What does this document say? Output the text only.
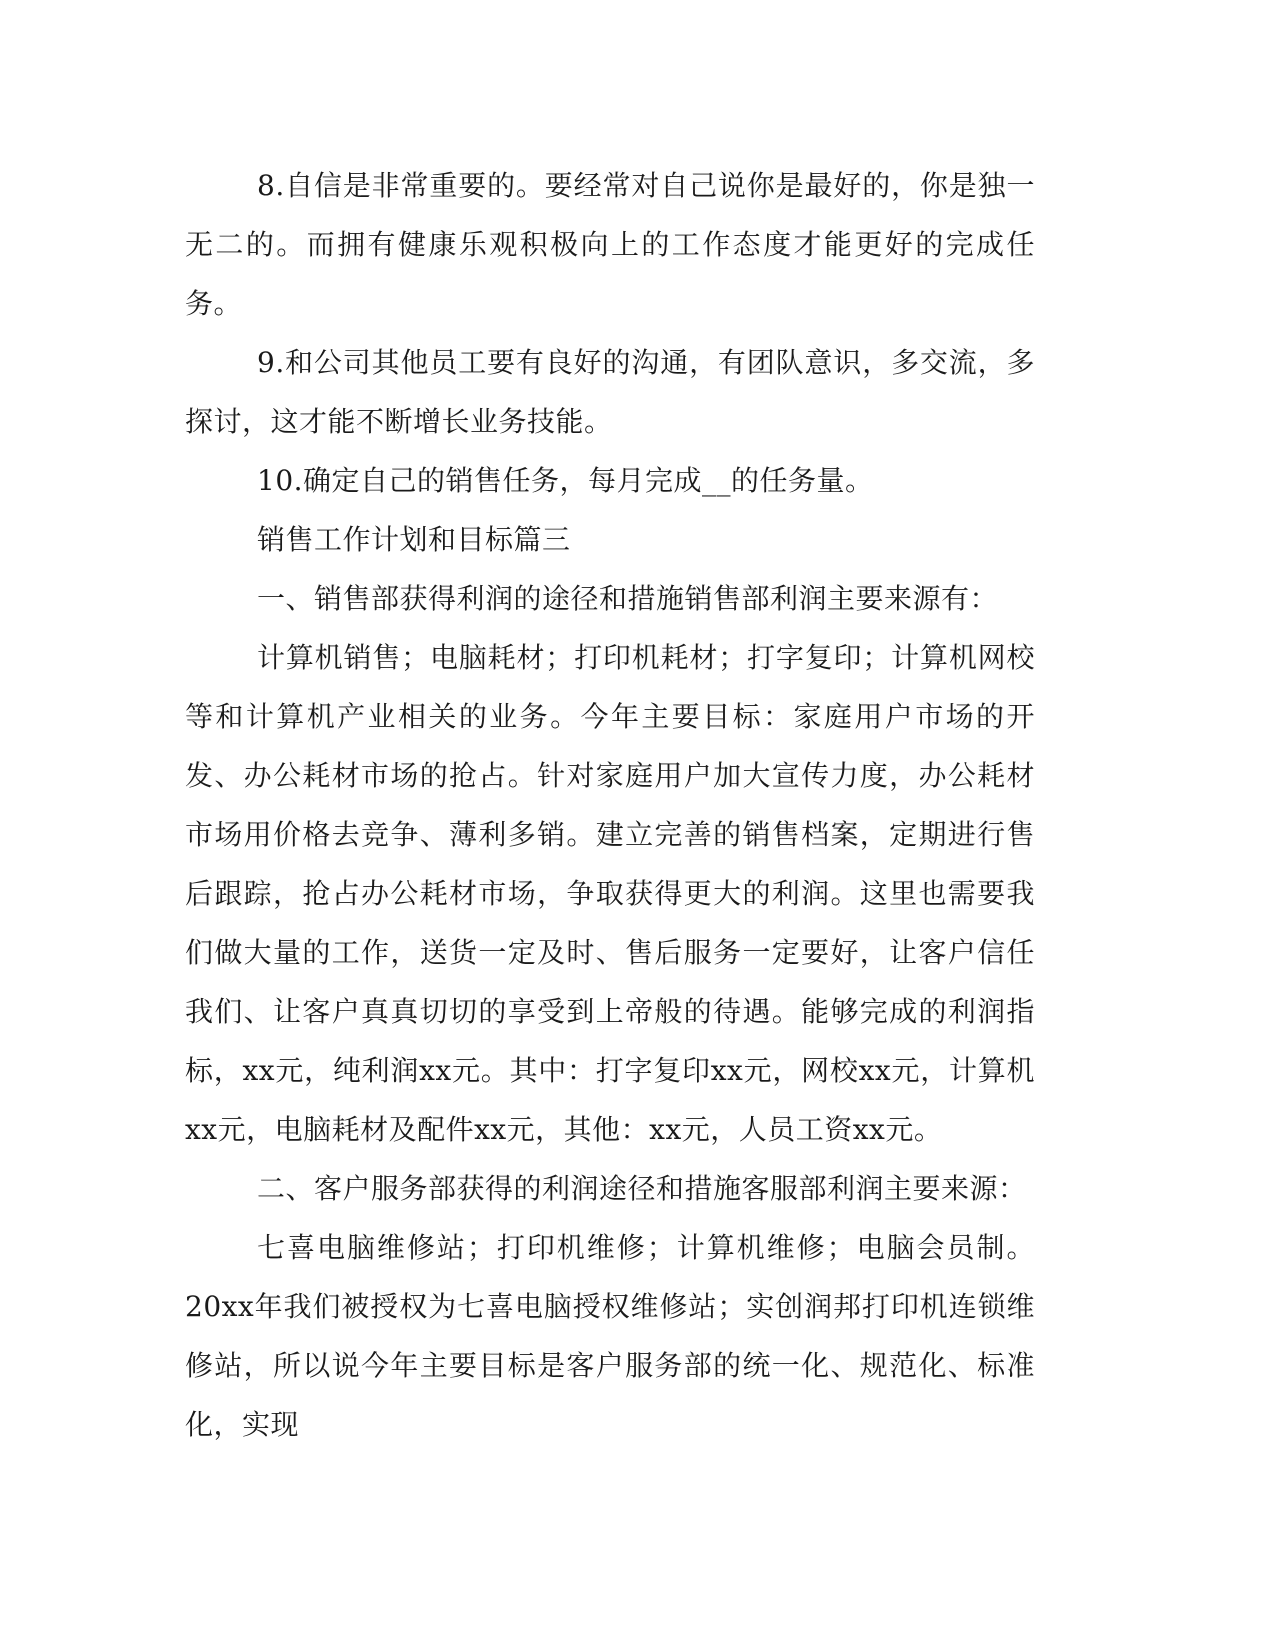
8.自信是非常重要的。要经常对自己说你是最好的，你是独一无二的。而拥有健康乐观积极向上的工作态度才能更好的完成任务。

9.和公司其他员工要有良好的沟通，有团队意识，多交流，多探讨，这才能不断增长业务技能。

10.确定自己的销售任务，每月完成__的任务量。

销售工作计划和目标篇三

一、销售部获得利润的途径和措施销售部利润主要来源有：

计算机销售；电脑耗材；打印机耗材；打字复印；计算机网校等和计算机产业相关的业务。今年主要目标：家庭用户市场的开发、办公耗材市场的抢占。针对家庭用户加大宣传力度，办公耗材市场用价格去竞争、薄利多销。建立完善的销售档案，定期进行售后跟踪，抢占办公耗材市场，争取获得更大的利润。这里也需要我们做大量的工作，送货一定及时、售后服务一定要好，让客户信任我们、让客户真真切切的享受到上帝般的待遇。能够完成的利润指标，xx元，纯利润xx元。其中：打字复印xx元，网校xx元，计算机xx元，电脑耗材及配件xx元，其他：xx元，人员工资xx元。

二、客户服务部获得的利润途径和措施客服部利润主要来源：

七喜电脑维修站；打印机维修；计算机维修；电脑会员制。20xx年我们被授权为七喜电脑授权维修站；实创润邦打印机连锁维修站，所以说今年主要目标是客户服务部的统一化、规范化、标准化，实现
